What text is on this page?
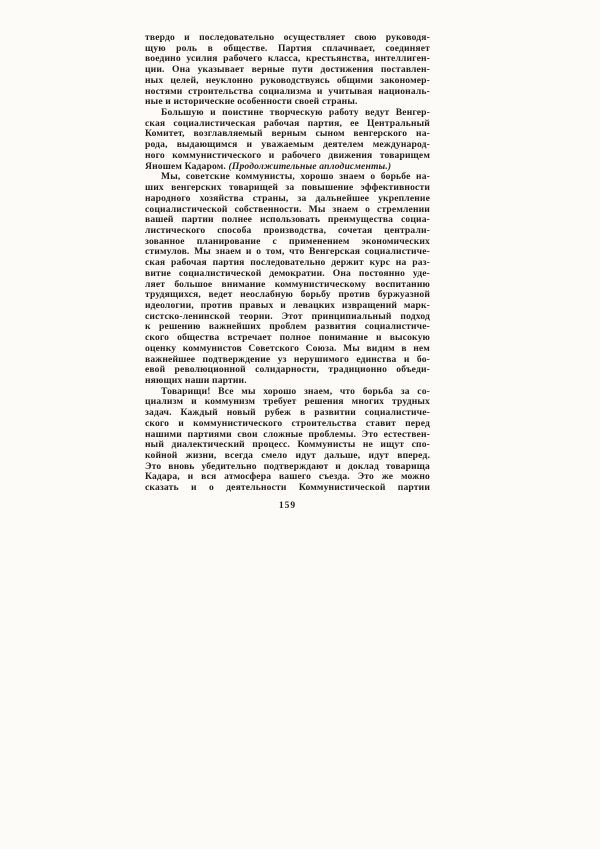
твердо и последовательно осуществляет свою руководя-
щую роль в обществе. Партия сплачивает, соединяет
воедино усилия рабочего класса, крестьянства, интеллиген-
ции. Она указывает верные пути достижения поставлен-
ных целей, неуклонно руководствуясь общими закономер-
ностями строительства социализма и учитывая националь-
ные и исторические особенности своей страны.
Большую и поистине творческую работу ведут Венгер-
ская социалистическая рабочая партия, ее Центральный
Комитет, возглавляемый верным сыном венгерского на-
рода, выдающимся и уважаемым деятелем международ-
ного коммунистического и рабочего движения товарищем
Яношем Кадаром. (Продолжительные аплодисменты.)
Мы, советские коммунисты, хорошо знаем о борьбе на-
ших венгерских товарищей за повышение эффективности
народного хозяйства страны, за дальнейшее укрепление
социалистической собственности. Мы знаем о стремлении
вашей партии полнее использовать преимущества социа-
листического способа производства, сочетая централи-
зованное планирование с применением экономических
стимулов. Мы знаем и о том, что Венгерская социалистиче-
ская рабочая партия последовательно держит курс на раз-
витие социалистической демократии. Она постоянно уде-
ляет большое внимание коммунистическому воспитанию
трудящихся, ведет неослабную борьбу против буржуазной
идеологии, против правых и левацких извращений марк-
систско-ленинской теории. Этот принципиальный подход
к решению важнейших проблем развития социалистиче-
ского общества встречает полное понимание и высокую
оценку коммунистов Советского Союза. Мы видим в нем
важнейшее подтверждение уз нерушимого единства и бо-
евой революционной солидарности, традиционно объеди-
няющих наши партии.
Товарищи! Все мы хорошо знаем, что борьба за со-
циализм и коммунизм требует решения многих трудных
задач. Каждый новый рубеж в развитии социалистиче-
ского и коммунистического строительства ставит перед
нашими партиями свои сложные проблемы. Это естествен-
ный диалектический процесс. Коммунисты не ищут спо-
койной жизни, всегда смело идут дальше, идут вперед.
Это вновь убедительно подтверждают и доклад товарища
Кадара, и вся атмосфера вашего съезда. Это же можно
сказать и о деятельности Коммунистической партии
159
